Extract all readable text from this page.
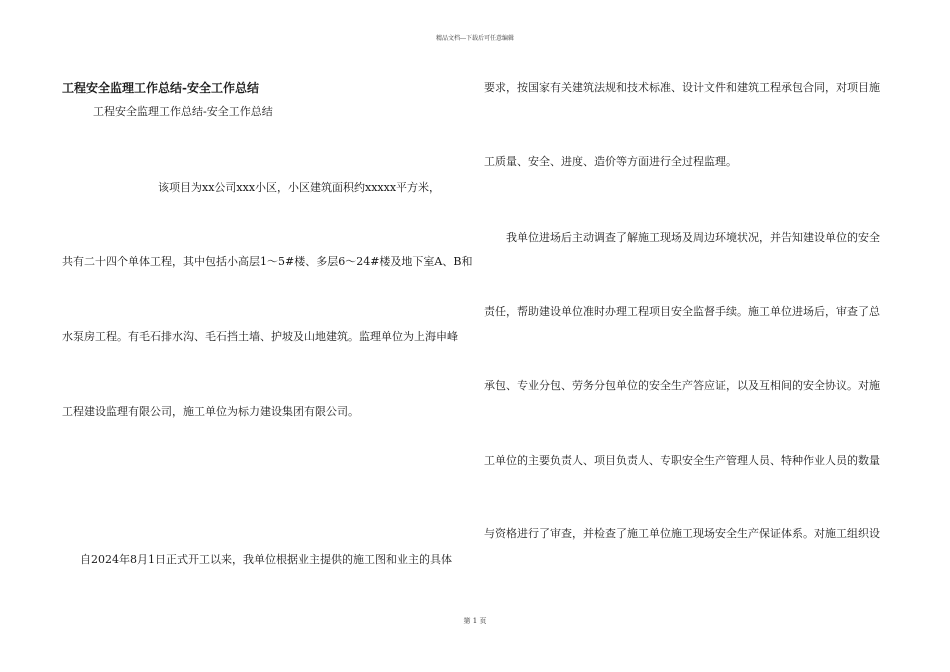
精品文档---下载后可任意编辑
工程安全监理工作总结-安全工作总结
工程安全监理工作总结-安全工作总结
该项目为xx公司xxx小区，小区建筑面积约xxxxx平方米，
共有二十四个单体工程，其中包括小高层1～5#楼、多层6～24#楼及地下室A、B和
水泵房工程。有毛石排水沟、毛石挡土墙、护坡及山地建筑。监理单位为上海申峰
工程建设监理有限公司，施工单位为标力建设集团有限公司。
自2024年8月1日正式开工以来，我单位根据业主提供的施工图和业主的具体
要求，按国家有关建筑法规和技术标准、设计文件和建筑工程承包合同，对项目施
工质量、安全、进度、造价等方面进行全过程监理。
我单位进场后主动调查了解施工现场及周边环境状况，并告知建设单位的安全
责任，帮助建设单位准时办理工程项目安全监督手续。施工单位进场后，审查了总
承包、专业分包、劳务分包单位的安全生产答应证，以及互相间的安全协议。对施
工单位的主要负责人、项目负责人、专职安全生产管理人员、特种作业人员的数量
与资格进行了审查，并检查了施工单位施工现场安全生产保证体系。对施工组织设
第 1 页
